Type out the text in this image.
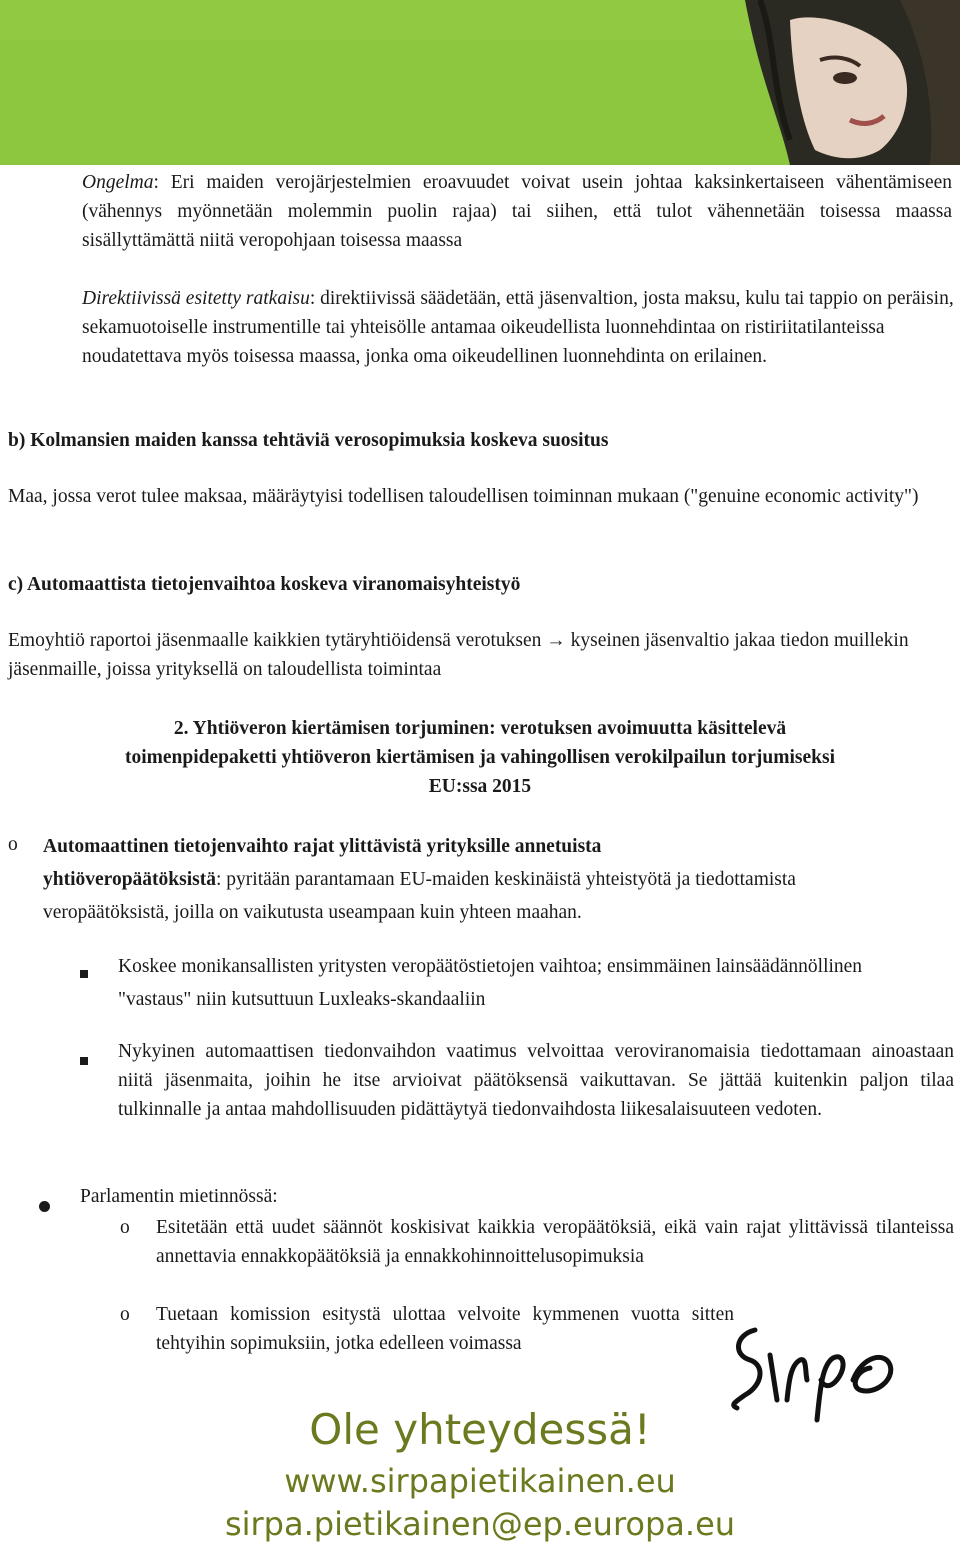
Ongelma: Eri maiden verojärjestelmien eroavuudet voivat usein johtaa kaksinkertaiseen vähentämiseen (vähennys myönnetään molemmin puolin rajaa) tai siihen, että tulot vähennetään toisessa maassa sisällyttämättä niitä veropohjaan toisessa maassa
Direktiivissä esitetty ratkaisu: direktiivissä säädetään, että jäsenvaltion, josta maksu, kulu tai tappio on peräisin, sekamuotoiselle instrumentille tai yhteisölle antamaa oikeudellista luonnehdintaa on ristiriitatilanteissa noudatettava myös toisessa maassa, jonka oma oikeudellinen luonnehdinta on erilainen.
b) Kolmansien maiden kanssa tehtäviä verosopimuksia koskeva suositus
Maa, jossa verot tulee maksaa, määräytyisi todellisen taloudellisen toiminnan mukaan ("genuine economic activity")
c) Automaattista tietojenvaihtoa koskeva viranomaisyhteistyö
Emoyhtiö raportoi jäsenmaalle kaikkien tytäryhtiöidensä verotuksen → kyseinen jäsenvaltio jakaa tiedon muillekin jäsenmaille, joissa yrityksellä on taloudellista toimintaa

2. Yhtiöveron kiertämisen torjuminen: verotuksen avoimuutta käsittelevä

toimenpidepaketti yhtiöveron kiertämisen ja vahingollisen verokilpailun torjumiseksi

EU:ssa 2015

o Automaattinen tietojenvaihto rajat ylittävistä yrityksille annetuista
yhtiöveropäätöksistä: pyritään parantamaan EU-maiden keskinäistä yhteistyötä ja tiedottamista veropäätöksistä, joilla on vaikutusta useampaan kuin yhteen maahan.
Koskee monikansallisten yritysten veropäätöstietojen vaihtoa; ensimmäinen lainsäädännöllinen "vastaus" niin kutsuttuun Luxleaks-skandaaliin
Nykyinen automaattisen tiedonvaihdon vaatimus velvoittaa veroviranomaisia tiedottamaan ainoastaan niitä jäsenmaita, joihin he itse arvioivat päätöksensä vaikuttavan. Se jättää kuitenkin paljon tilaa tulkinnalle ja antaa mahdollisuuden pidättäytyä tiedonvaihdosta liikesalaisuuteen vedoten.
Parlamentin mietinnössä:
o Esitetään että uudet säännöt koskisivat kaikkia veropäätöksiä, eikä vain rajat ylittävissä tilanteissa annettavia ennakkopäätöksiä ja ennakkohinnoittelusopimuksia
o Tuetaan komission esitystä ulottaa velvoite kymmenen vuotta sitten tehtyihin sopimuksiin, jotka edelleen voimassa
Ole yhteydessä!
www.sirpapietikainen.eu
sirpa.pietikainen@ep.europa.eu
